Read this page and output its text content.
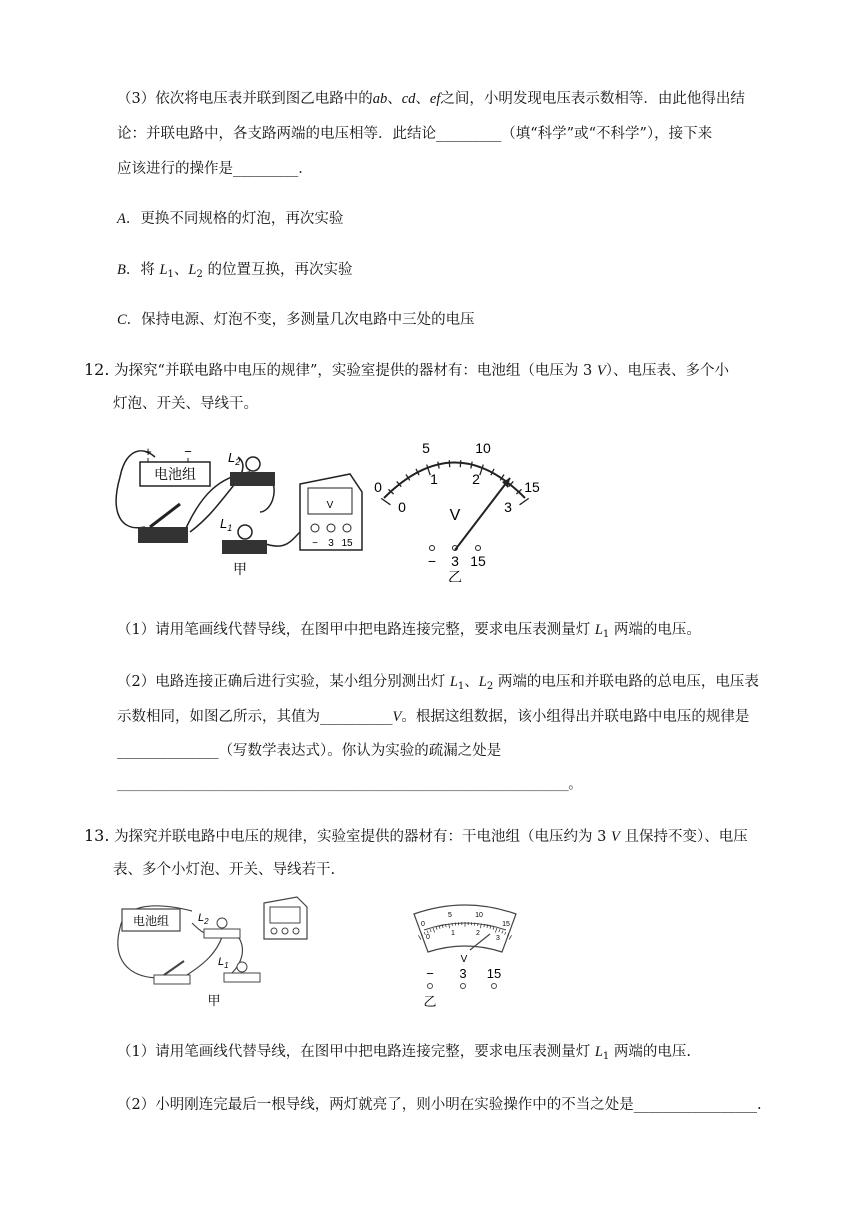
（3）依次将电压表并联到图乙电路中的ab、cd、ef之间，小明发现电压表示数相等．由此他得出结
论：并联电路中，各支路两端的电压相等．此结论_________（填“科学”或“不科学”），接下来
应该进行的操作是_________．
A．更换不同规格的灯泡，再次实验
B．将 $L_1$、$L_2$ 的位置互换，再次实验
C．保持电源、灯泡不变，多测量几次电路中三处的电压
12. 为探究“并联电路中电压的规律”，实验室提供的器材有：电池组（电压为 3 V）、电压表、多个小
灯泡、开关、导线干。
电池组
+ −	$L_2$
$L_1$
V
− 3 15
甲
0
5	10
15
0
1 2
3
V
− 3 15
乙
（1）请用笔画线代替导线，在图甲中把电路连接完整，要求电压表测量灯 $L_1$ 两端的电压。
（2）电路连接正确后进行实验，某小组分别测出灯 $L_1$、$L_2$ 两端的电压和并联电路的总电压，电压表
示数相同，如图乙所示，其值为__________V。根据这组数据，该小组得出并联电路中电压的规律是
______________（写数学表达式）。你认为实验的疏漏之处是
__________________________________________________________________________。
13. 为探究并联电路中电压的规律，实验室提供的器材有：干电池组（电压约为 3 V 且保持不变）、电压
表、多个小灯泡、开关、导线若干.
电池组	$L_2$
$L_1$
甲
0
5	10
15
0
1	2
3
V
− 3 15
乙
（1）请用笔画线代替导线，在图甲中把电路连接完整，要求电压表测量灯 $L_1$ 两端的电压.
（2）小明刚连完最后一根导线，两灯就亮了，则小明在实验操作中的不当之处是_________________.
